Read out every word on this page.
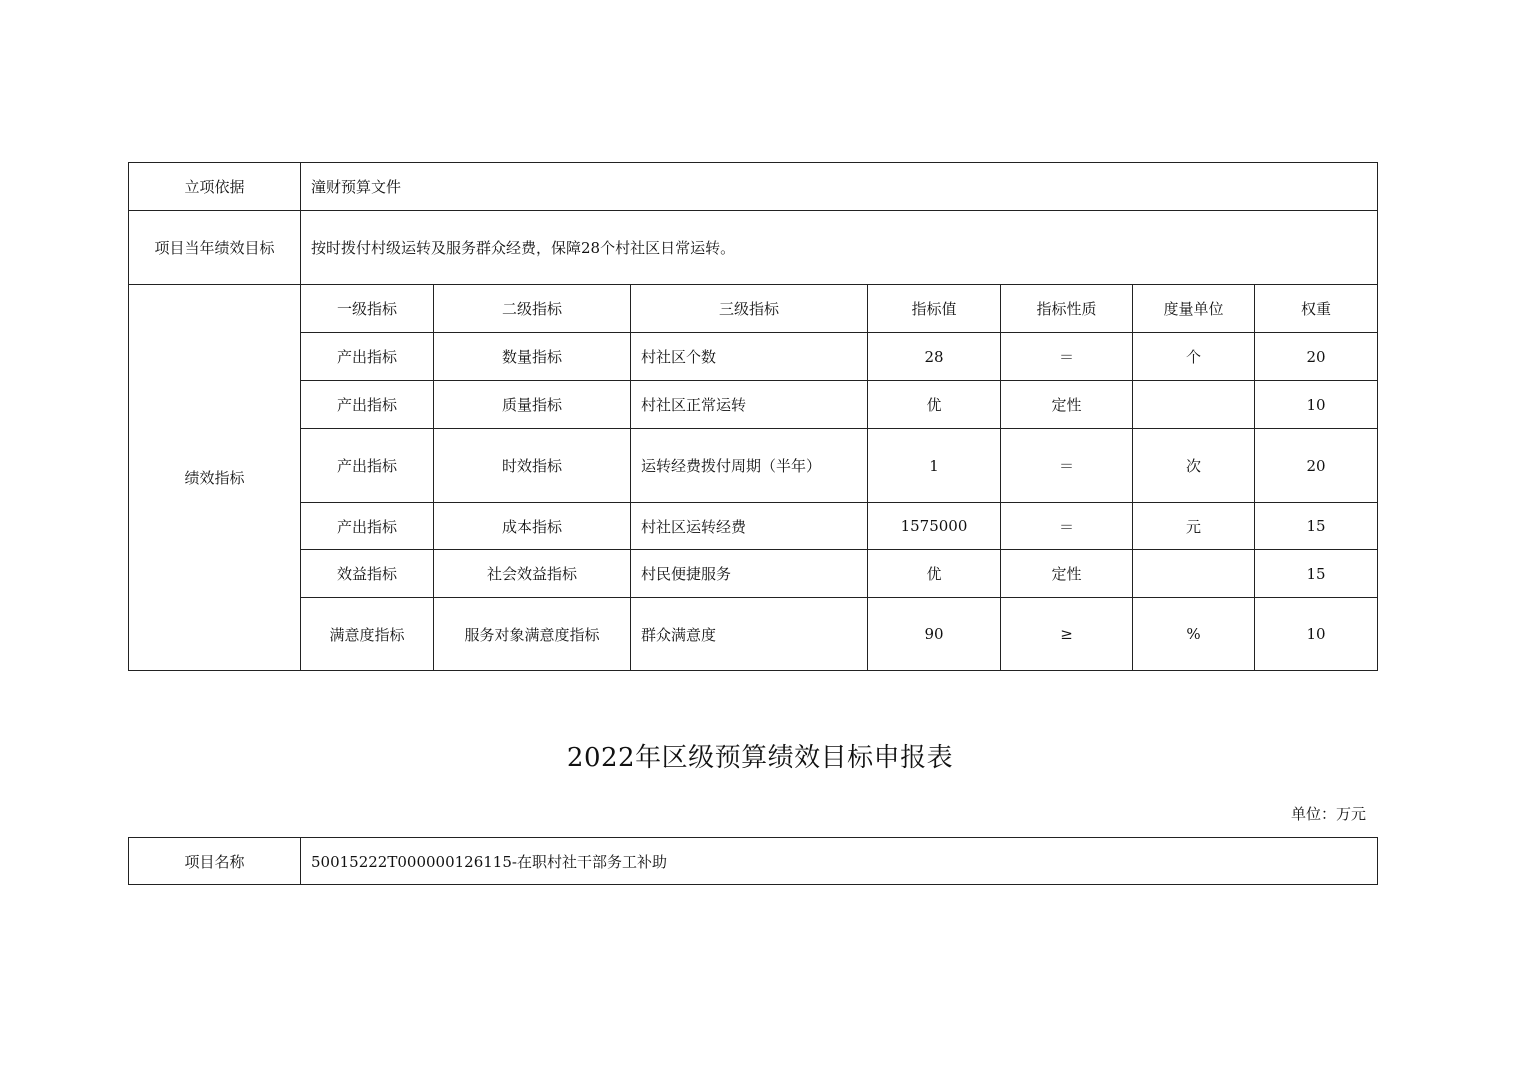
立项依据	潼财预算文件						
项目当年绩效目标	按时拨付村级运转及服务群众经费，保障28个村社区日常运转。						
绩效指标	一级指标	二级指标	三级指标	指标值	指标性质	度量单位	权重
	产出指标	数量指标	村社区个数	28	＝	个	20
	产出指标	质量指标	村社区正常运转	优	定性		10
	产出指标	时效指标	运转经费拨付周期（半年）	1	＝	次	20
	产出指标	成本指标	村社区运转经费	1575000	＝	元	15
	效益指标	社会效益指标	村民便捷服务	优	定性		15
	满意度指标	服务对象满意度指标	群众满意度	90	≥	%	10
2022年区级预算绩效目标申报表
单位：万元
项目名称	50015222T000000126115-在职村社干部务工补助
